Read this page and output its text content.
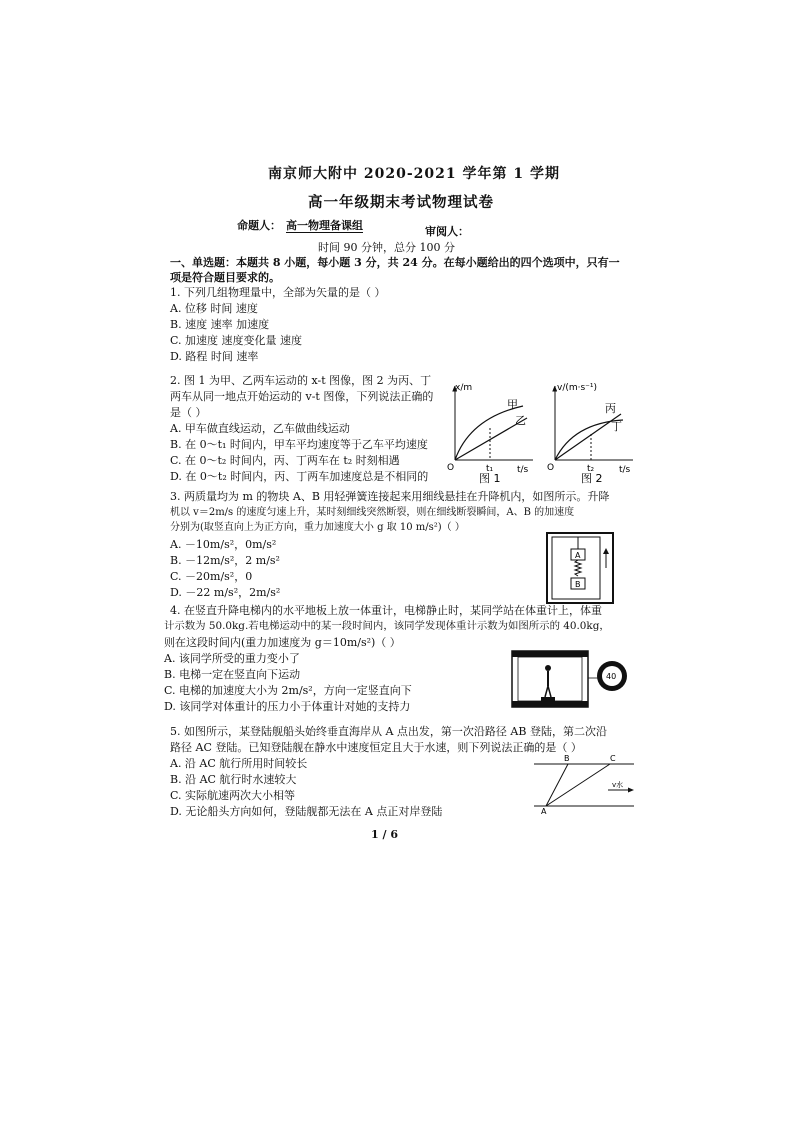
南京师大附中 2020-2021 学年第 1 学期
高一年级期末考试物理试卷
命题人： 高一物理备课组	审阅人：
时间 90 分钟，总分 100 分
一、单选题：本题共 8 小题，每小题 3 分，共 24 分。在每小题给出的四个选项中，只有一
项是符合题目要求的。
1. 下列几组物理量中，全部为矢量的是（ ）
A. 位移 时间 速度
B. 速度 速率 加速度
C. 加速度 速度变化量 速度
D. 路程 时间 速率
2. 图 1 为甲、乙两车运动的 x-t 图像，图 2 为丙、丁
两车从同一地点开始运动的 v-t 图像，下列说法正确的
是（ ）
A. 甲车做直线运动，乙车做曲线运动
B. 在 0～t₁ 时间内，甲车平均速度等于乙车平均速度
C. 在 0～t₂ 时间内，丙、丁两车在 t₂ 时刻相遇
D. 在 0～t₂ 时间内，丙、丁两车加速度总是不相同的
x/m
t/s
O	t₁
甲
乙
图 1
v/(m·s⁻¹)
t/s
O	t₂
丙
丁
图 2
3. 两质量均为 m 的物块 A、B 用轻弹簧连接起来用细线悬挂在升降机内，如图所示。升降
机以 v＝2m/s 的速度匀速上升，某时刻细线突然断裂，则在细线断裂瞬间，A、B 的加速度
分别为(取竖直向上为正方向，重力加速度大小 g 取 10 m/s²)（ ）
A. －10m/s²，0m/s²
B. －12m/s²，2 m/s²
C. －20m/s²，0
D. －22 m/s²，2m/s²
A
B
4. 在竖直升降电梯内的水平地板上放一体重计，电梯静止时，某同学站在体重计上，体重
计示数为 50.0kg.若电梯运动中的某一段时间内，该同学发现体重计示数为如图所示的 40.0kg，
则在这段时间内(重力加速度为 g＝10m/s²)（ ）
A. 该同学所受的重力变小了
B. 电梯一定在竖直向下运动
C. 电梯的加速度大小为 2m/s²，方向一定竖直向下
D. 该同学对体重计的压力小于体重计对她的支持力
40
5. 如图所示，某登陆舰船头始终垂直海岸从 A 点出发，第一次沿路径 AB 登陆，第二次沿
路径 AC 登陆。已知登陆舰在静水中速度恒定且大于水速，则下列说法正确的是（ ）
A. 沿 AC 航行所用时间较长
B. 沿 AC 航行时水速较大
C. 实际航速两次大小相等
D. 无论船头方向如何，登陆舰都无法在 A 点正对岸登陆	A
B	C
v水
1 / 6
